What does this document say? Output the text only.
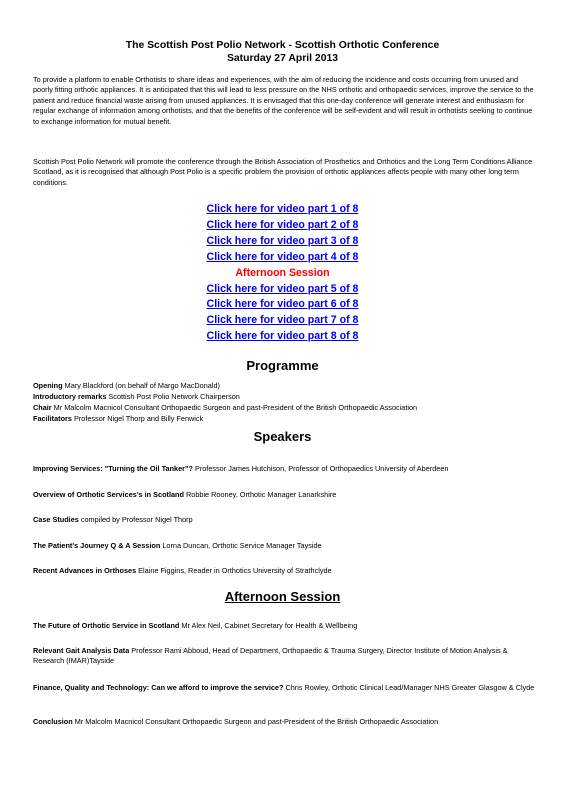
The Scottish Post Polio Network - Scottish Orthotic Conference
Saturday 27 April 2013
To provide a platform to enable Orthotists to share ideas and experiences, with the aim of reducing the incidence and costs occurring from unused and poorly fitting orthotic appliances. It is anticipated that this will lead to less pressure on the NHS orthotic and orthopaedic services, improve the service to the patient and reduce financial waste arising from unused appliances. It is envisaged that this one-day conference will generate interest and enthusiasm for regular exchange of information among orthotists, and that the benefits of the conference will be self-evident and will result in orthotists seeking to continue to exchange information for mutual benefit.
Scottish Post Polio Network will promote the conference through the British Association of Prosthetics and Orthotics and the Long Term Conditions Alliance Scotland, as it is recognised that although Post Polio is a specific problem the provision of orthotic appliances affects people with many other long term conditions.
Click here for video part 1 of 8
Click here for video part 2 of 8
Click here for video part 3 of 8
Click here for video part 4 of 8
Afternoon Session
Click here for video part 5 of 8
Click here for video part 6 of 8
Click here for video part 7 of 8
Click here for video part 8 of 8
Programme
Opening Mary Blackford (on behalf of Margo MacDonald)
Introductory remarks Scottish Post Polio Network Chairperson
Chair Mr Malcolm Macnicol Consultant Orthopaedic Surgeon and past-President of the British Orthopaedic Association
Facilitators Professor Nigel Thorp and Billy Fenwick
Speakers
Improving Services: "Turning the Oil Tanker"? Professor James Hutchison, Professor of Orthopaedics University of Aberdeen
Overview of Orthotic Services's in Scotland Robbie Rooney, Orthotic Manager Lanarkshire
Case Studies compiled by Professor Nigel Thorp
The Patient's Journey Q & A Session Lorna Duncan, Orthotic Service Manager Tayside
Recent Advances in Orthoses Elaine Figgins, Reader in Orthotics University of Strathclyde
Afternoon Session
The Future of Orthotic Service in Scotland Mr Alex Neil, Cabinet Secretary for Health & Wellbeing
Relevant Gait Analysis Data Professor Rami Abboud, Head of Department, Orthopaedic & Trauma Surgery, Director Institute of Motion Analysis & Research (IMAR)Tayside
Finance, Quality and Technology: Can we afford to improve the service? Chris Rowley, Orthotic Clinical Lead/Manager NHS Greater Glasgow & Clyde
Conclusion Mr Malcolm Macnicol Consultant Orthopaedic Surgeon and past-President of the British Orthopaedic Association
